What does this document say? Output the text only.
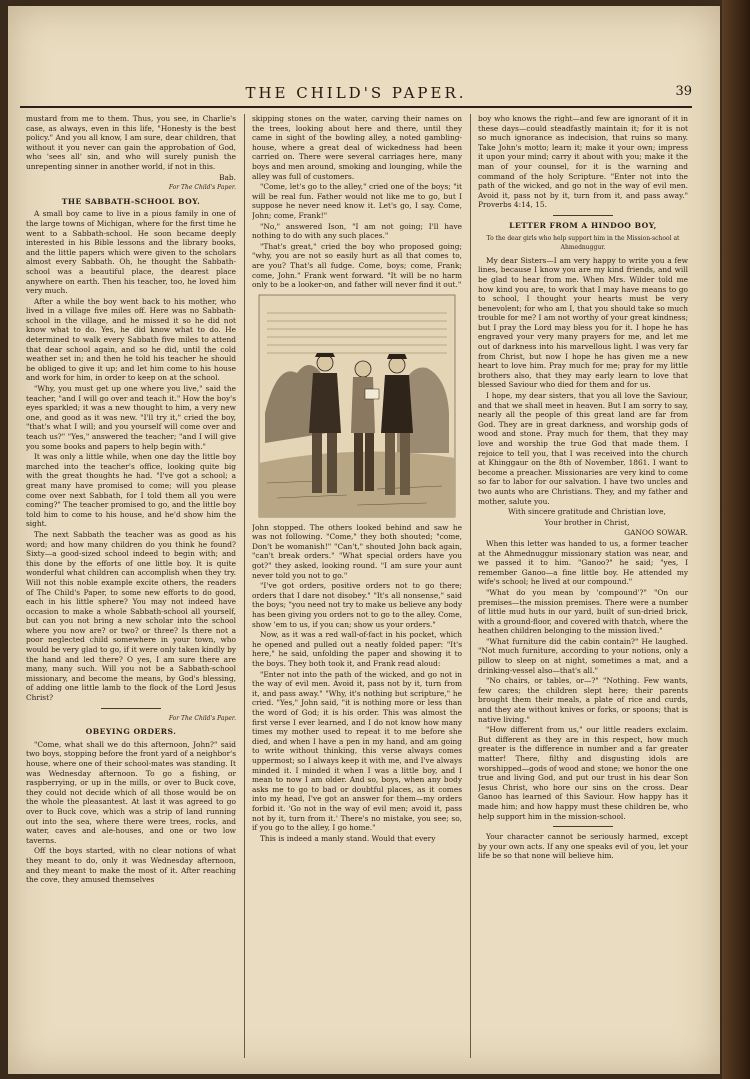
THE CHILD'S PAPER.	39

mustard from me to them. Thus, you see, in Charlie's case, as always, even in this life, "Honesty is the best policy." And you all know, I am sure, dear children, that without it you never can gain the approbation of God, who 'sees all' sin, and who will surely punish the unrepenting sinner in another world, if not in this.

Bab.
For The Child's Paper.
THE SABBATH-SCHOOL BOY.

A small boy came to live in a pious family in one of the large towns of Michigan, where for the first time he went to a Sabbath-school. He soon became deeply interested in his Bible lessons and the library books, and the little papers which were given to the scholars almost every Sabbath. Oh, he thought the Sabbath-school was a beautiful place, the dearest place anywhere on earth. Then his teacher, too, he loved him very much.

After a while the boy went back to his mother, who lived in a village five miles off. Here was no Sabbath-school in the village, and he missed it so he did not know what to do. Yes, he did know what to do. He determined to walk every Sabbath five miles to attend that dear school again, and so he did, until the cold weather set in; and then he told his teacher he should be obliged to give it up; and let him come to his house and work for him, in order to keep on at the school.

"Why, you must get up one where you live," said the teacher, "and I will go over and teach it." How the boy's eyes sparkled; it was a new thought to him, a very new one, and good as it was new. "I'll try it," cried the boy, "that's what I will; and you yourself will come over and teach us?" "Yes," answered the teacher; "and I will give you some books and papers to help begin with."

It was only a little while, when one day the little boy marched into the teacher's office, looking quite big with the great thoughts he had. "I've got a school; a great many have promised to come; will you please come over next Sabbath, for I told them all you were coming?" The teacher promised to go, and the little boy told him to come to his house, and he'd show him the sight.

The next Sabbath the teacher was as good as his word; and how many children do you think he found? Sixty—a good-sized school indeed to begin with; and this done by the efforts of one little boy. It is quite wonderful what children can accomplish when they try. Will not this noble example excite others, the readers of The Child's Paper, to some new efforts to do good, each in his little sphere? You may not indeed have occasion to make a whole Sabbath-school all yourself, but can you not bring a new scholar into the school where you now are? or two? or three? Is there not a poor neglected child somewhere in your town, who would be very glad to go, if it were only taken kindly by the hand and led there? O yes, I am sure there are many, many such. Will you not be a Sabbath-school missionary, and become the means, by God's blessing, of adding one little lamb to the flock of the Lord Jesus Christ?

For The Child's Paper.
OBEYING ORDERS.

"Come, what shall we do this afternoon, John?" said two boys, stopping before the front yard of a neighbor's house, where one of their school-mates was standing. It was Wednesday afternoon. To go a fishing, or raspberrying, or up in the mills, or over to Buck cove, they could not decide which of all those would be on the whole the pleasantest. At last it was agreed to go over to Buck cove, which was a strip of land running out into the sea, where there were trees, rocks, and water, caves and ale-houses, and one or two low taverns.

Off the boys started, with no clear notions of what they meant to do, only it was Wednesday afternoon, and they meant to make the most of it. After reaching the cove, they amused themselves

skipping stones on the water, carving their names on the trees, looking about here and there, until they came in sight of the bowling alley, a noted gambling-house, where a great deal of wickedness had been carried on. There were several carriages here, many boys and men around, smoking and lounging, while the alley was full of customers.

"Come, let's go to the alley," cried one of the boys; "it will be real fun. Father would not like me to go, but I suppose he never need know it. Let's go, I say. Come, John; come, Frank!"

"No," answered Ison, "I am not going; I'll have nothing to do with any such places."

"That's great," cried the boy who proposed going; "why, you are not so easily hurt as all that comes to, are you? That's all fudge. Come, boys; come, Frank; come, John." Frank went forward. "It will be no harm only to be a looker-on, and father will never find it out."

John stopped. The others looked behind and saw he was not following. "Come," they both shouted; "come, Don't be womanish!" "Can't," shouted John back again, "can't break orders." "What special orders have you got?" they asked, looking round. "I am sure your aunt never told you not to go."

"I've got orders, positive orders not to go there; orders that I dare not disobey." "It's all nonsense," said the boys; "you need not try to make us believe any body has been giving you orders not to go to the alley. Come, show 'em to us, if you can; show us your orders."

Now, as it was a red wall-of-fact in his pocket, which he opened and pulled out a neatly folded paper: "It's here," he said, unfolding the paper and showing it to the boys. They both took it, and Frank read aloud:

"Enter not into the path of the wicked, and go not in the way of evil men. Avoid it, pass not by it, turn from it, and pass away." "Why, it's nothing but scripture," he cried. "Yes," John said, "it is nothing more or less than the word of God; it is his order. This was almost the first verse I ever learned, and I do not know how many times my mother used to repeat it to me before she died, and when I have a pen in my hand, and am going to write without thinking, this verse always comes uppermost; so I always keep it with me, and I've always minded it. I minded it when I was a little boy, and I mean to now I am older. And so, boys, when any body asks me to go to bad or doubtful places, as it comes into my head, I've got an answer for them—my orders forbid it. 'Go not in the way of evil men; avoid it, pass not by it, turn from it.' There's no mistake, you see; so, if you go to the alley, I go home."

This is indeed a manly stand. Would that every

boy who knows the right—and few are ignorant of it in these days—could steadfastly maintain it; for it is not so much ignorance as indecision, that ruins so many. Take John's motto; learn it; make it your own; impress it upon your mind; carry it about with you; make it the man of your counsel, for it is the warning and command of the holy Scripture. "Enter not into the path of the wicked, and go not in the way of evil men. Avoid it, pass not by it, turn from it, and pass away." Proverbs 4:14, 15.

LETTER FROM A HINDOO BOY,
To the dear girls who help support him in the Mission-school at Ahmednuggur.

My dear Sisters—I am very happy to write you a few lines, because I know you are my kind friends, and will be glad to hear from me. When Mrs. Wilder told me how kind you are, to work that I may have means to go to school, I thought your hearts must be very benevolent; for who am I, that you should take so much trouble for me? I am not worthy of your great kindness; but I pray the Lord may bless you for it. I hope he has engraved your very many prayers for me, and let me out of darkness into his marvellous light. I was very far from Christ, but now I hope he has given me a new heart to love him. Pray much for me; pray for my little brothers also, that they may early learn to love that blessed Saviour who died for them and for us.

I hope, my dear sisters, that you all love the Saviour, and that we shall meet in heaven. But I am sorry to say, nearly all the people of this great land are far from God. They are in great darkness, and worship gods of wood and stone. Pray much for them, that they may love and worship the true God that made them. I rejoice to tell you, that I was received into the church at Khinggaur on the 8th of November, 1861. I want to become a preacher. Missionaries are very kind to come so far to labor for our salvation. I have two uncles and two aunts who are Christians. They, and my father and mother, salute you.

With sincere gratitude and Christian love,

Your brother in Christ,

GANOO SOWAR.

When this letter was handed to us, a former teacher at the Ahmednuggur missionary station was near, and we passed it to him. "Ganoo?" he said; "yes, I remember Ganoo—a fine little boy. He attended my wife's school; he lived at our compound."

"What do you mean by 'compound'?" "On our premises—the mission premises. There were a number of little mud huts in our yard, built of sun-dried brick, with a ground-floor, and covered with thatch, where the heathen children belonging to the mission lived."

"What furniture did the cabin contain?" He laughed. "Not much furniture, according to your notions, only a pillow to sleep on at night, sometimes a mat, and a drinking-vessel also—that's all."

"No chairs, or tables, or—?" "Nothing. Few wants, few cares; the children slept here; their parents brought them their meals, a plate of rice and curds, and they ate without knives or forks, or spoons; that is native living."

"How different from us," our little readers exclaim. But different as they are in this respect, how much greater is the difference in number and a far greater matter! There, filthy and disgusting idols are worshipped—gods of wood and stone; we honor the one true and living God, and put our trust in his dear Son Jesus Christ, who bore our sins on the cross. Dear Ganoo has learned of this Saviour. How happy has it made him; and how happy must these children be, who help support him in the mission-school.

Your character cannot be seriously harmed, except by your own acts. If any one speaks evil of you, let your life be so that none will believe him.
